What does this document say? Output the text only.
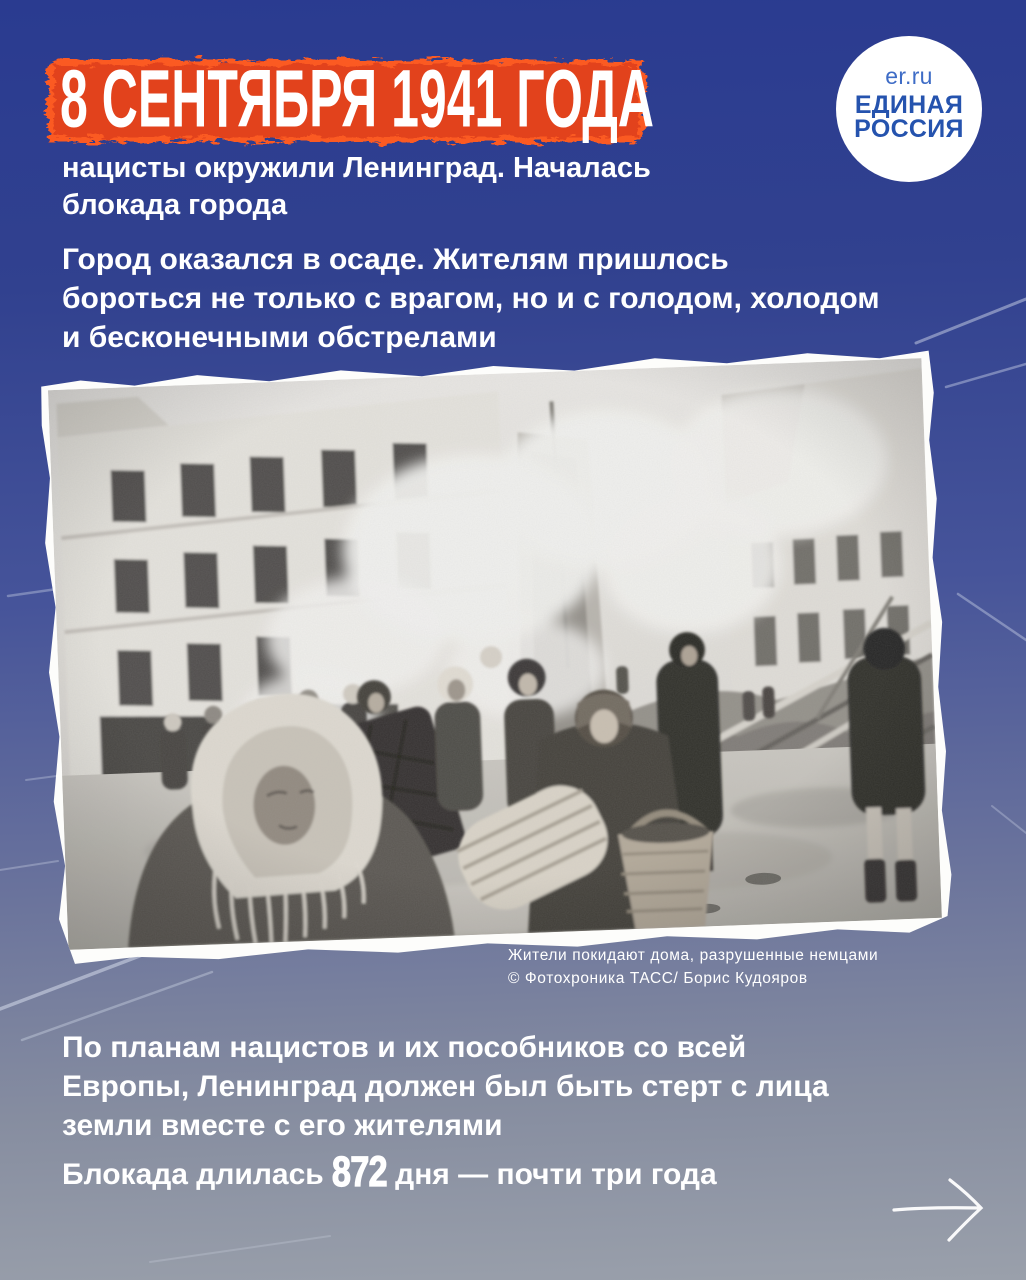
8 СЕНТЯБРЯ 1941 ГОДА	er.ru
ЕДИНАЯ
РОССИЯ
нацисты окружили Ленинград. Началась
блокада города
Город оказался в осаде. Жителям пришлось
бороться не только с врагом, но и с голодом, холодом
и бесконечными обстрелами
Жители покидают дома, разрушенные немцами
© Фотохроника ТАСС/ Борис Кудояров
По планам нацистов и их пособников со всей
Европы, Ленинград должен был быть стерт с лица
земли вместе с его жителями
Блокада длилась 872 дня — почти три года
